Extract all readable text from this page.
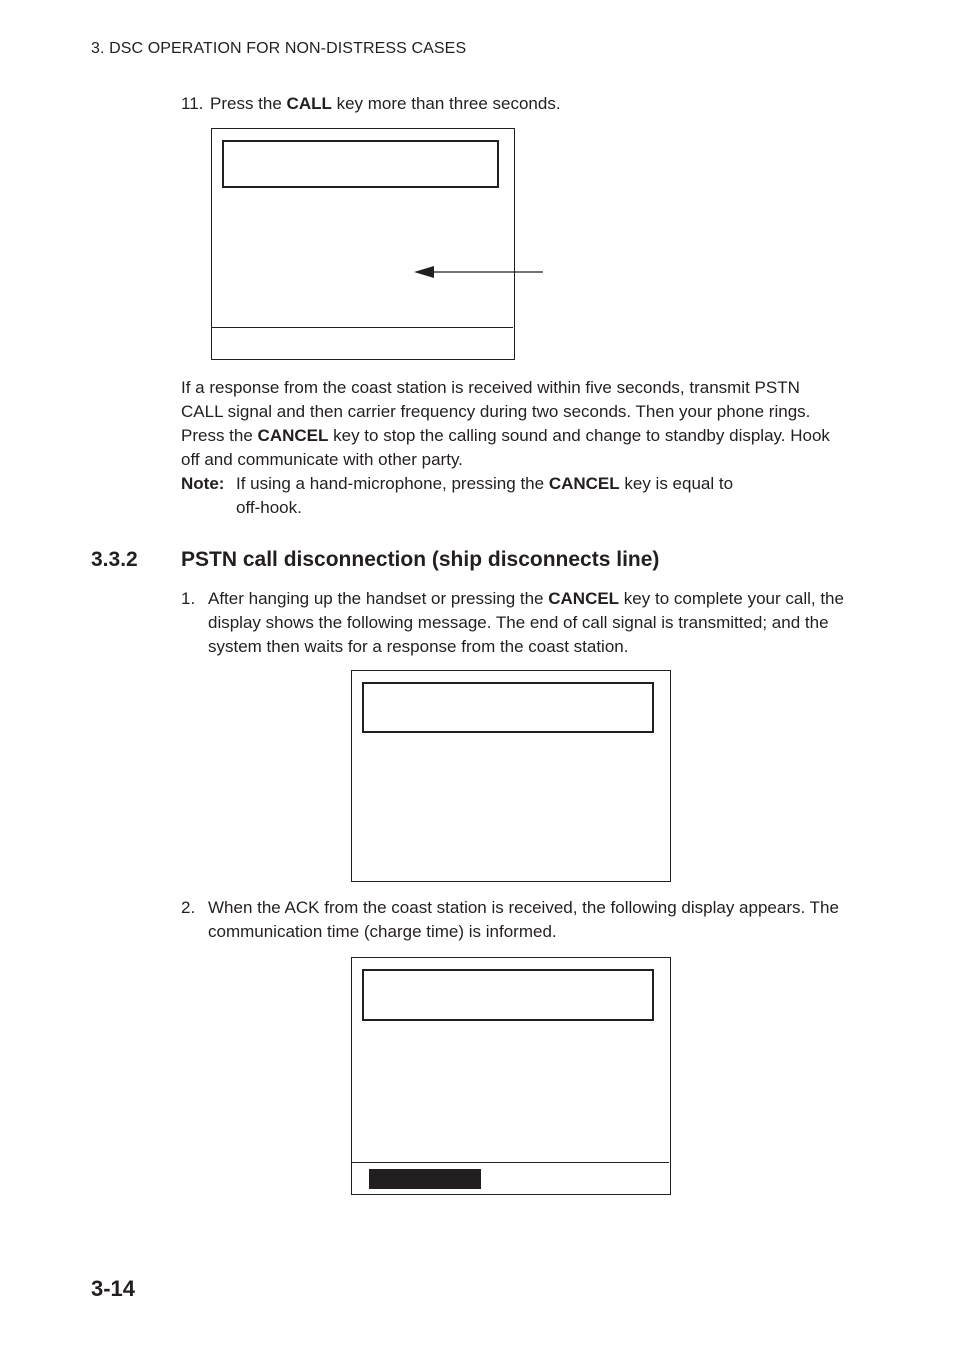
3. DSC OPERATION FOR NON-DISTRESS CASES
11. Press the CALL key more than three seconds.
If a response from the coast station is received within five seconds, transmit PSTN CALL signal and then carrier frequency during two seconds. Then your phone rings. Press the CANCEL key to stop the calling sound and change to standby display. Hook off and communicate with other party.
Note: If using a hand-microphone, pressing the CANCEL key is equal to
off-hook.
3.3.2 PSTN call disconnection (ship disconnects line)
1. After hanging up the handset or pressing the CANCEL key to complete your call, the display shows the following message. The end of call signal is transmitted; and the system then waits for a response from the coast station.
2. When the ACK from the coast station is received, the following display appears. The communication time (charge time) is informed.
3-14
